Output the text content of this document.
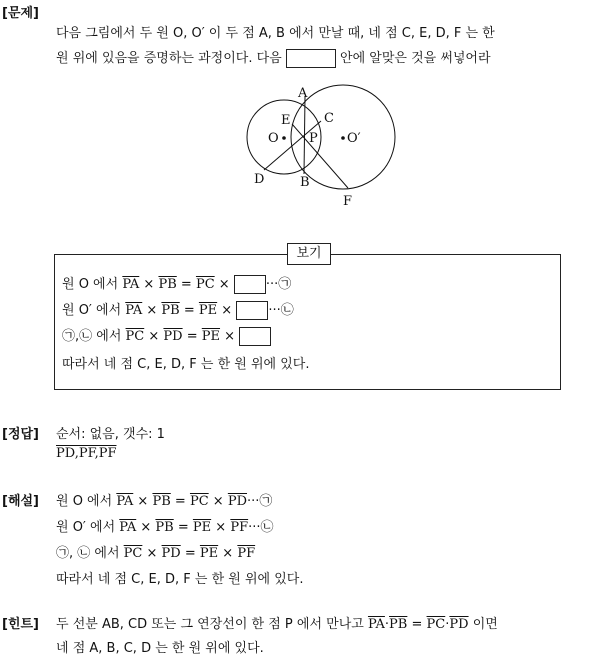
[문제]
다음 그림에서 두 원 O, O′ 이 두 점 A, B 에서 만날 때, 네 점 C, E, D, F 는 한
원 위에 있음을 증명하는 과정이다. 다음	안에 알맞은 것을 써넣어라
A
C
E
O P O′
D	B
F
보기
원 O 에서 $\overline{PA} \times \overline{PB} = \overline{PC}$ ×	···㉠
원 O′ 에서 $\overline{PA} \times \overline{PB} = \overline{PE}$ ×	···㉡
㉠,㉡ 에서 $\overline{PC} \times \overline{PD} = \overline{PE}$ ×
따라서 네 점 C, E, D, F 는 한 원 위에 있다.
[정답] 순서: 없음, 갯수: 1
PD,PF,PF
[해설] 원 O 에서 $\overline{PA} \times \overline{PB} = \overline{PC}$ × $\overline{PD}\cdot\cdot\cdot㉠$
원 O′ 에서 $\overline{PA} \times \overline{PB} = \overline{PE}$ × $\overline{PF}\cdot\cdot\cdot㉡$
㉠, ㉡ 에서 $\overline{PC} \times \overline{PD} = \overline{PE} \times \overline{PF}$
따라서 네 점 C, E, D, F 는 한 원 위에 있다.
[힌트] 두 선분 AB, CD 또는 그 연장선이 한 점 P 에서 만나고 $\overline{PA}\cdot\overline{PB} = \overline{PC}\cdot\overline{PD}$ 이면
네 점 A, B, C, D 는 한 원 위에 있다.
